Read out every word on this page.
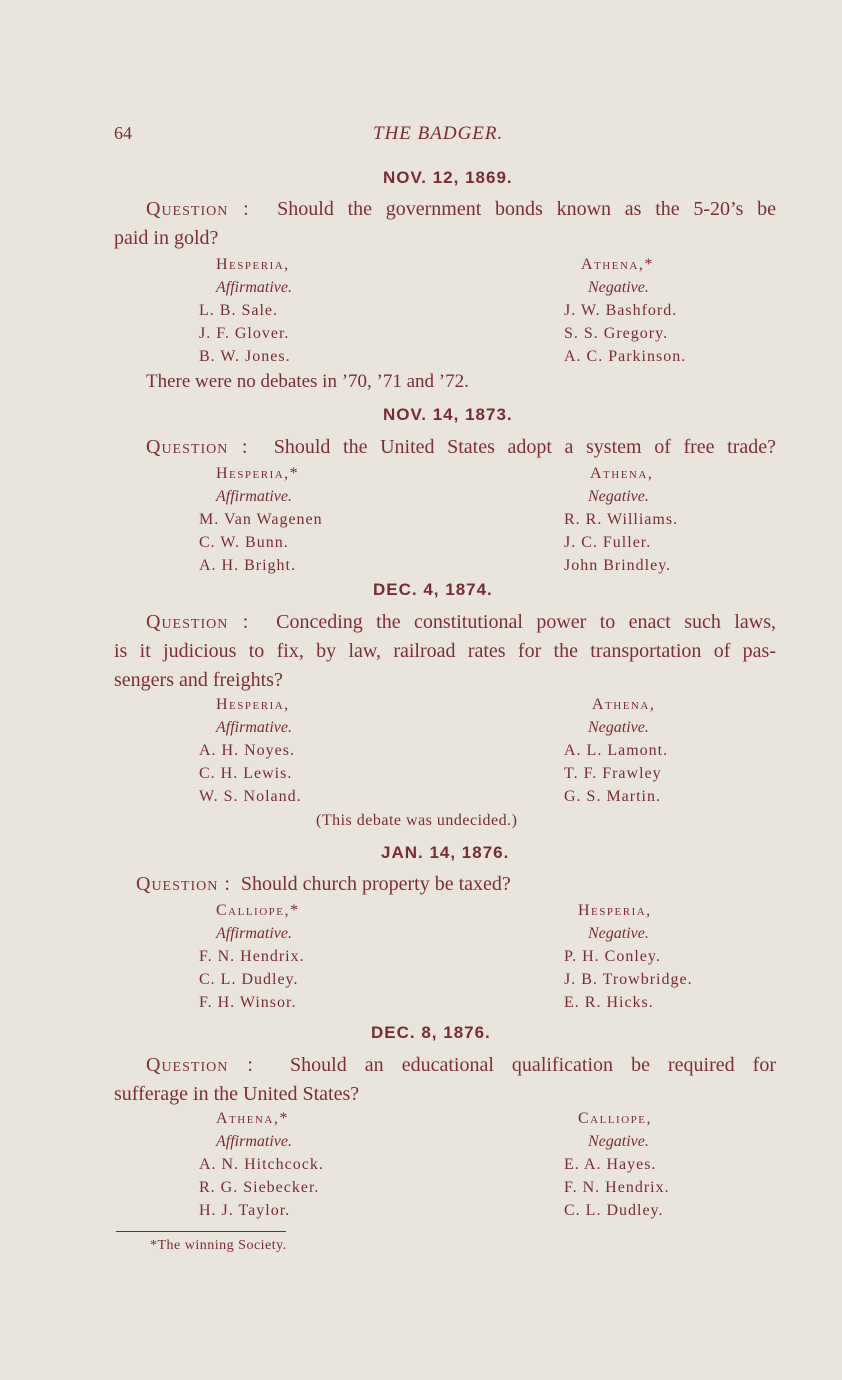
64	THE BADGER.
NOV. 12, 1869.
Question : Should the government bonds known as the 5-20’s be
paid in gold?
Hesperia,
Affirmative.
L. B. Sale.
J. F. Glover.
B. W. Jones.
Athena,*
Negative.
J. W. Bashford.
S. S. Gregory.
A. C. Parkinson.
There were no debates in ’70, ’71 and ’72.
NOV. 14, 1873.
Question : Should the United States adopt a system of free trade?
Hesperia,*
Affirmative.
M. Van Wagenen
C. W. Bunn.
A. H. Bright.
Athena,
Negative.
R. R. Williams.
J. C. Fuller.
John Brindley.
DEC. 4, 1874.
Question : Conceding the constitutional power to enact such laws,
is it judicious to fix, by law, railroad rates for the transportation of pas-
sengers and freights?
Hesperia,
Affirmative.
A. H. Noyes.
C. H. Lewis.
W. S. Noland.
Athena,
Negative.
A. L. Lamont.
T. F. Frawley
G. S. Martin.
(This debate was undecided.)
JAN. 14, 1876.
Question : Should church property be taxed?
Calliope,*
Affirmative.
F. N. Hendrix.
C. L. Dudley.
F. H. Winsor.
Hesperia,
Negative.
P. H. Conley.
J. B. Trowbridge.
E. R. Hicks.
DEC. 8, 1876.
Question : Should an educational qualification be required for
sufferage in the United States?
Athena,*
Affirmative.
A. N. Hitchcock.
R. G. Siebecker.
H. J. Taylor.
Calliope,
Negative.
E. A. Hayes.
F. N. Hendrix.
C. L. Dudley.
*The winning Society.
